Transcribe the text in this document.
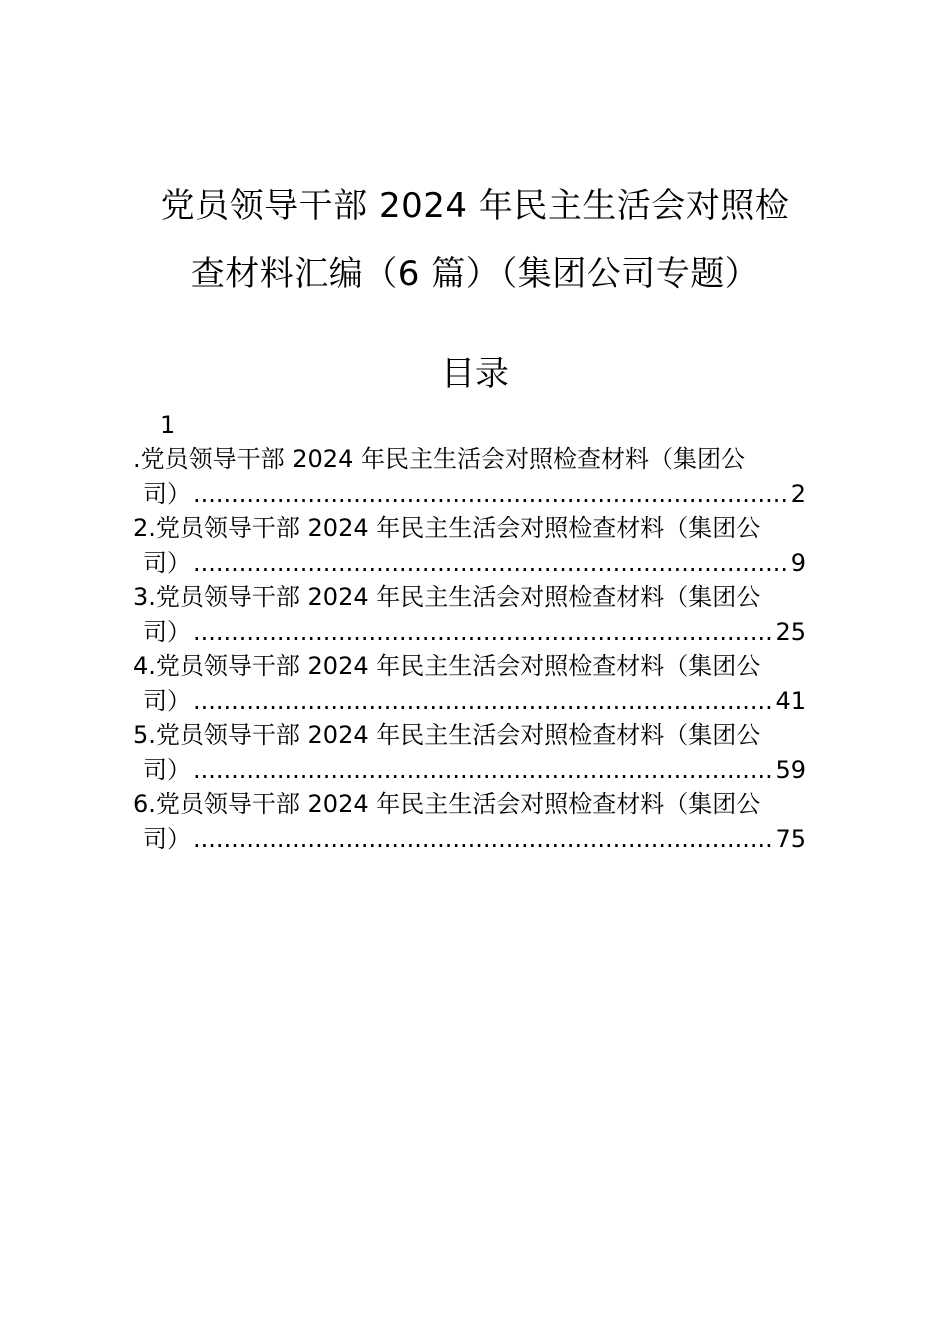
党员领导干部 2024 年民主生活会对照检
查材料汇编（6 篇）（集团公司专题）
目录
1
.党员领导干部 2024 年民主生活会对照检查材料（集团公
司） .....	2
2.党员领导干部 2024 年民主生活会对照检查材料（集团公
司） .....	9
3.党员领导干部 2024 年民主生活会对照检查材料（集团公
司） .....	25
4.党员领导干部 2024 年民主生活会对照检查材料（集团公
司） .....	41
5.党员领导干部 2024 年民主生活会对照检查材料（集团公
司） .....	59
6.党员领导干部 2024 年民主生活会对照检查材料（集团公
司） .....	75
